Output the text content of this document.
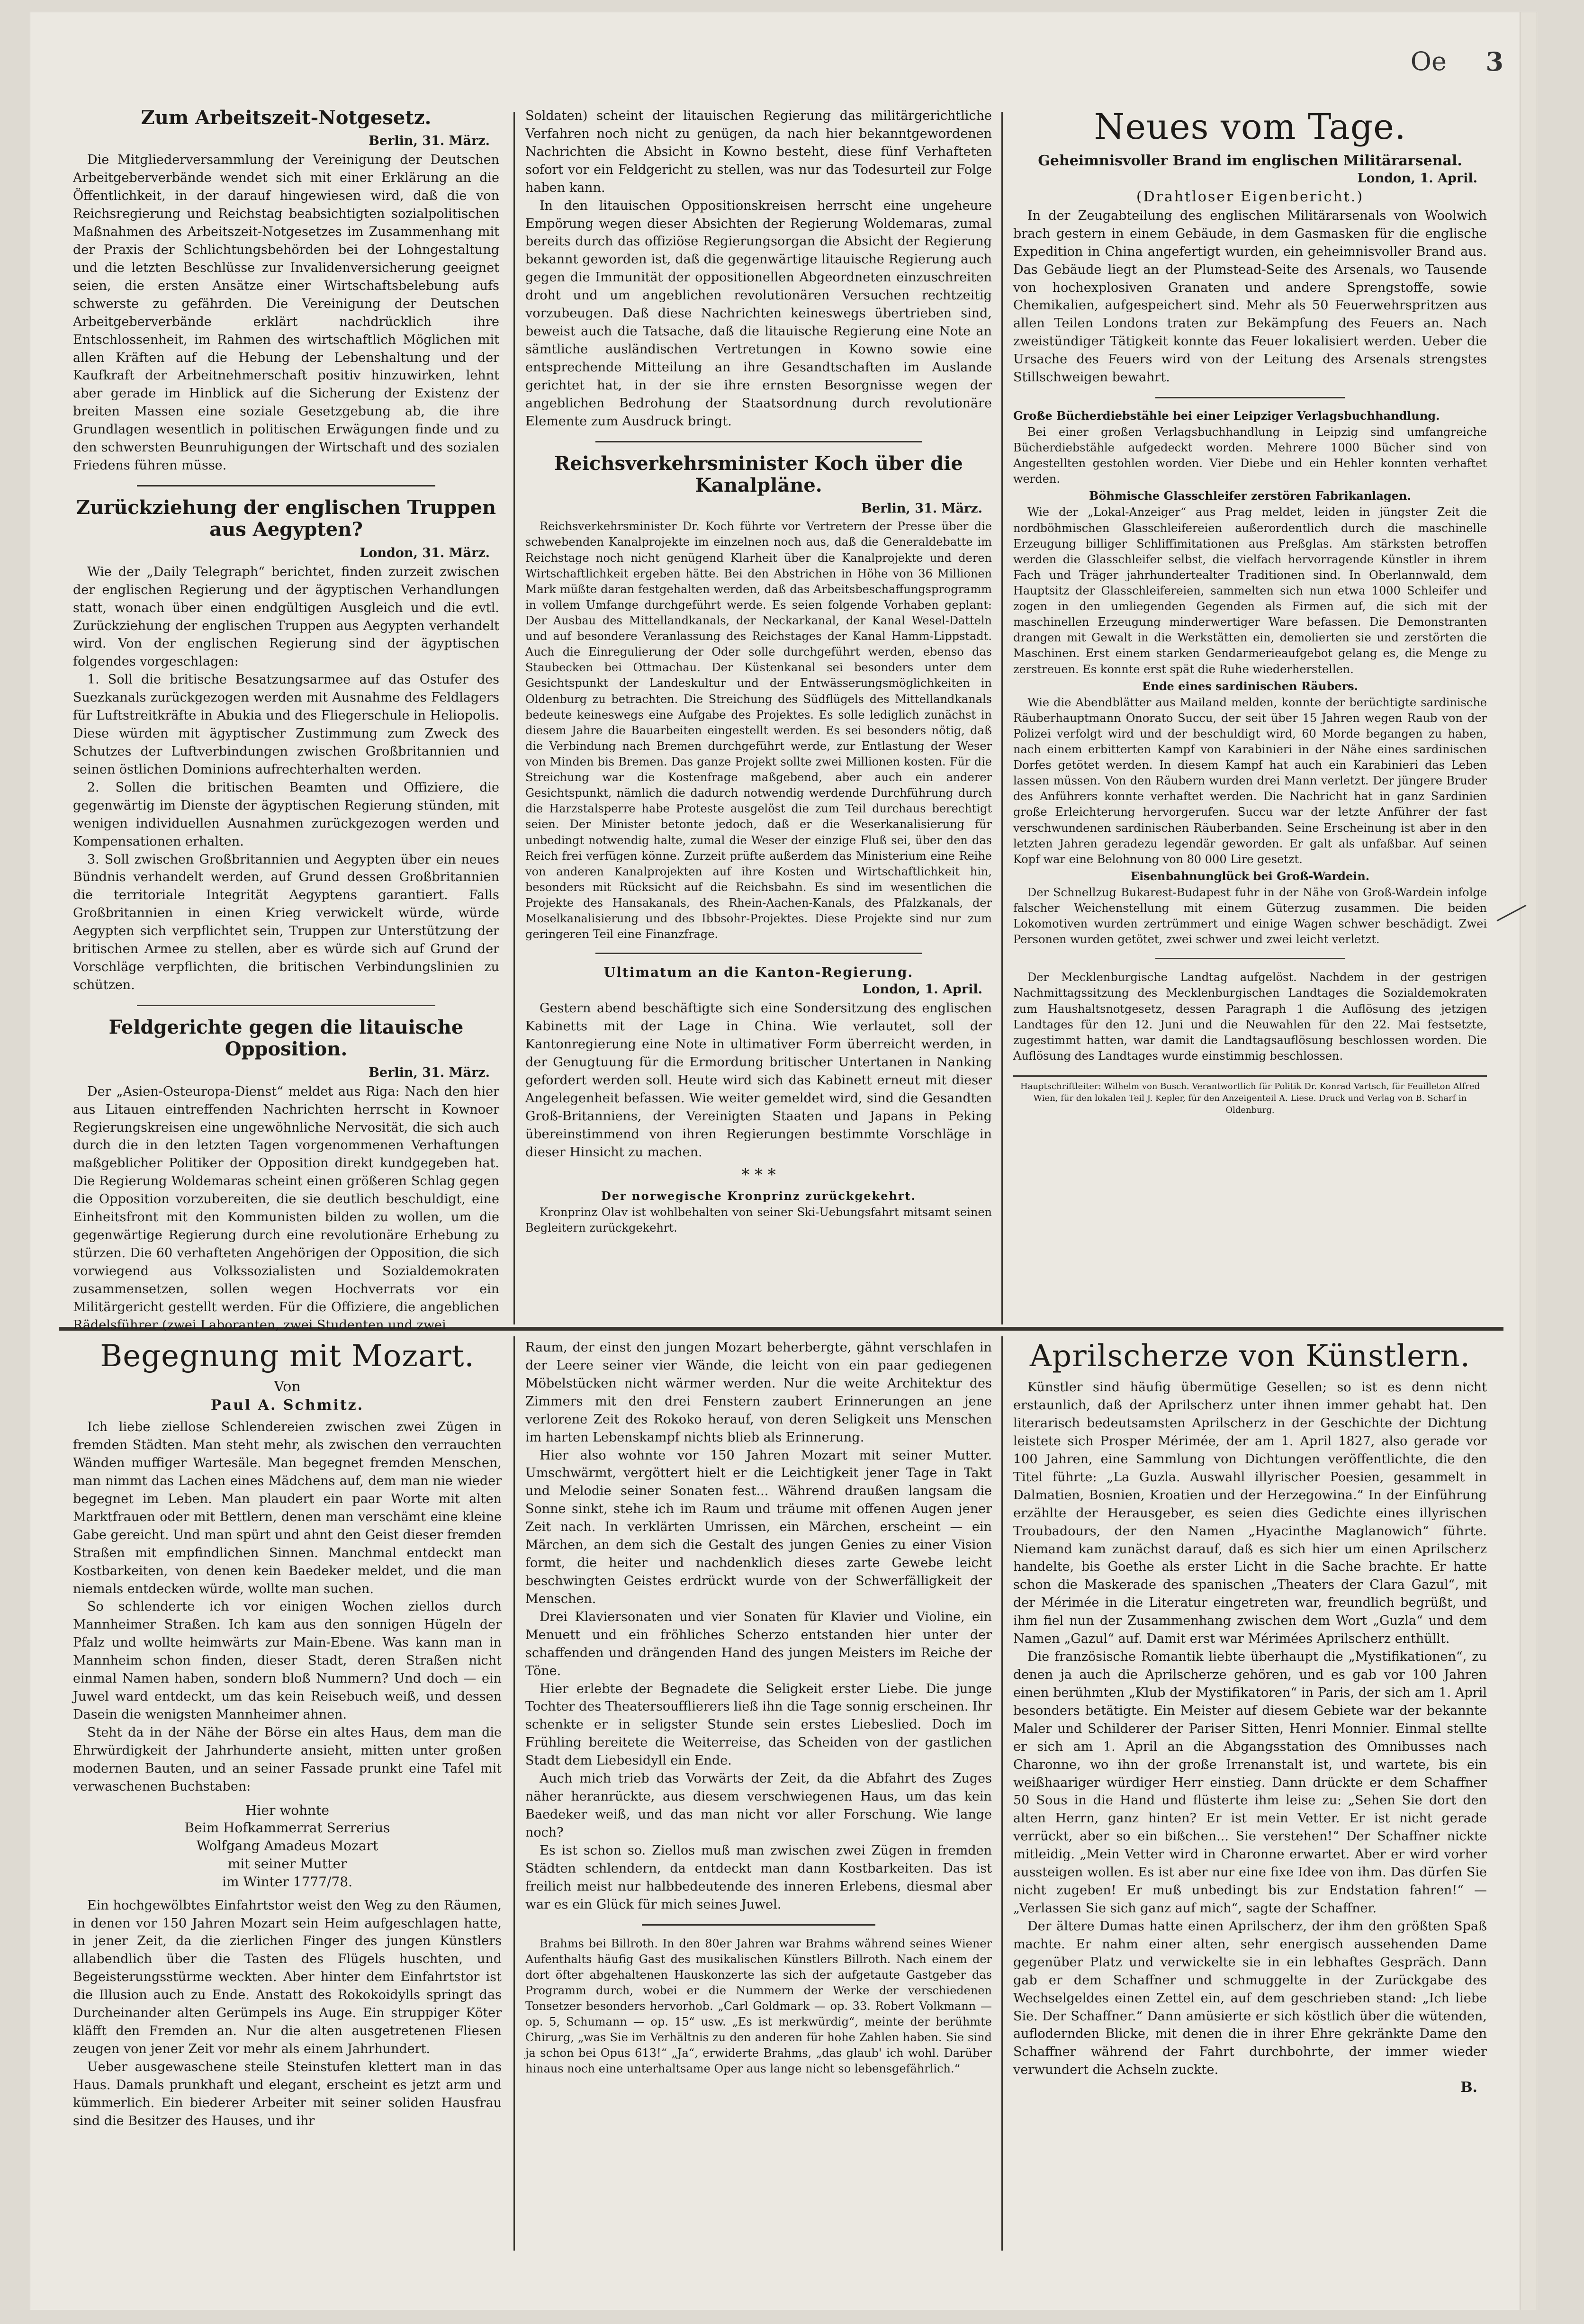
Oe 3
Zum Arbeitszeit-Notgesetz.
Berlin, 31. März.

Die Mitgliederversammlung der Vereinigung der Deutschen Arbeitgeberverbände wendet sich mit einer Erklärung an die Öffentlichkeit, in der darauf hingewiesen wird, daß die von Reichsregierung und Reichstag beabsichtigten sozialpolitischen Maßnahmen des Arbeitszeit-Notgesetzes im Zusammenhang mit der Praxis der Schlichtungsbehörden bei der Lohngestaltung und die letzten Beschlüsse zur Invalidenversicherung geeignet seien, die ersten Ansätze einer Wirtschaftsbelebung aufs schwerste zu gefährden. Die Vereinigung der Deutschen Arbeitgeberverbände erklärt nachdrücklich ihre Entschlossenheit, im Rahmen des wirtschaftlich Möglichen mit allen Kräften auf die Hebung der Lebenshaltung und der Kaufkraft der Arbeitnehmerschaft positiv hinzuwirken, lehnt aber gerade im Hinblick auf die Sicherung der Existenz der breiten Massen eine soziale Gesetzgebung ab, die ihre Grundlagen wesentlich in politischen Erwägungen finde und zu den schwersten Beunruhigungen der Wirtschaft und des sozialen Friedens führen müsse.

Zurückziehung der englischen Truppen aus Aegypten?
London, 31. März.

Wie der „Daily Telegraph“ berichtet, finden zurzeit zwischen der englischen Regierung und der ägyptischen Verhandlungen statt, wonach über einen endgültigen Ausgleich und die evtl. Zurückziehung der englischen Truppen aus Aegypten verhandelt wird. Von der englischen Regierung sind der ägyptischen folgendes vorgeschlagen:

1. Soll die britische Besatzungsarmee auf das Ostufer des Suezkanals zurückgezogen werden mit Ausnahme des Feldlagers für Luftstreitkräfte in Abukia und des Fliegerschule in Heliopolis. Diese würden mit ägyptischer Zustimmung zum Zweck des Schutzes der Luftverbindungen zwischen Großbritannien und seinen östlichen Dominions aufrechterhalten werden.

2. Sollen die britischen Beamten und Offiziere, die gegenwärtig im Dienste der ägyptischen Regierung stünden, mit wenigen individuellen Ausnahmen zurückgezogen werden und Kompensationen erhalten.

3. Soll zwischen Großbritannien und Aegypten über ein neues Bündnis verhandelt werden, auf Grund dessen Großbritannien die territoriale Integrität Aegyptens garantiert. Falls Großbritannien in einen Krieg verwickelt würde, würde Aegypten sich verpflichtet sein, Truppen zur Unterstützung der britischen Armee zu stellen, aber es würde sich auf Grund der Vorschläge verpflichten, die britischen Verbindungslinien zu schützen.

Feldgerichte gegen die litauische Opposition.
Berlin, 31. März.

Der „Asien-Osteuropa-Dienst“ meldet aus Riga: Nach den hier aus Litauen eintreffenden Nachrichten herrscht in Kownoer Regierungskreisen eine ungewöhnliche Nervosität, die sich auch durch die in den letzten Tagen vorgenommenen Verhaftungen maßgeblicher Politiker der Opposition direkt kundgegeben hat. Die Regierung Woldemaras scheint einen größeren Schlag gegen die Opposition vorzubereiten, die sie deutlich beschuldigt, eine Einheitsfront mit den Kommunisten bilden zu wollen, um die gegenwärtige Regierung durch eine revolutionäre Erhebung zu stürzen. Die 60 verhafteten Angehörigen der Opposition, die sich vorwiegend aus Volkssozialisten und Sozialdemokraten zusammensetzen, sollen wegen Hochverrats vor ein Militärgericht gestellt werden. Für die Offiziere, die angeblichen Rädelsführer (zwei Laboranten, zwei Studenten und zwei

Soldaten) scheint der litauischen Regierung das militärgerichtliche Verfahren noch nicht zu genügen, da nach hier bekanntgewordenen Nachrichten die Absicht in Kowno besteht, diese fünf Verhafteten sofort vor ein Feldgericht zu stellen, was nur das Todesurteil zur Folge haben kann.

In den litauischen Oppositionskreisen herrscht eine ungeheure Empörung wegen dieser Absichten der Regierung Woldemaras, zumal bereits durch das offiziöse Regierungsorgan die Absicht der Regierung bekannt geworden ist, daß die gegenwärtige litauische Regierung auch gegen die Immunität der oppositionellen Abgeordneten einzuschreiten droht und um angeblichen revolutionären Versuchen rechtzeitig vorzubeugen. Daß diese Nachrichten keineswegs übertrieben sind, beweist auch die Tatsache, daß die litauische Regierung eine Note an sämtliche ausländischen Vertretungen in Kowno sowie eine entsprechende Mitteilung an ihre Gesandtschaften im Auslande gerichtet hat, in der sie ihre ernsten Besorgnisse wegen der angeblichen Bedrohung der Staatsordnung durch revolutionäre Elemente zum Ausdruck bringt.

Reichsverkehrsminister Koch über die Kanalpläne.
Berlin, 31. März.

Reichsverkehrsminister Dr. Koch führte vor Vertretern der Presse über die schwebenden Kanalprojekte im einzelnen noch aus, daß die Generaldebatte im Reichstage noch nicht genügend Klarheit über die Kanalprojekte und deren Wirtschaftlichkeit ergeben hätte. Bei den Abstrichen in Höhe von 36 Millionen Mark müßte daran festgehalten werden, daß das Arbeitsbeschaffungsprogramm in vollem Umfange durchgeführt werde. Es seien folgende Vorhaben geplant: Der Ausbau des Mittellandkanals, der Neckarkanal, der Kanal Wesel-Datteln und auf besondere Veranlassung des Reichstages der Kanal Hamm-Lippstadt. Auch die Einregulierung der Oder solle durchgeführt werden, ebenso das Staubecken bei Ottmachau. Der Küstenkanal sei besonders unter dem Gesichtspunkt der Landeskultur und der Entwässerungsmöglichkeiten in Oldenburg zu betrachten. Die Streichung des Südflügels des Mittellandkanals bedeute keineswegs eine Aufgabe des Projektes. Es solle lediglich zunächst in diesem Jahre die Bauarbeiten eingestellt werden. Es sei besonders nötig, daß die Verbindung nach Bremen durchgeführt werde, zur Entlastung der Weser von Minden bis Bremen. Das ganze Projekt sollte zwei Millionen kosten. Für die Streichung war die Kostenfrage maßgebend, aber auch ein anderer Gesichtspunkt, nämlich die dadurch notwendig werdende Durchführung durch die Harzstalsperre habe Proteste ausgelöst die zum Teil durchaus berechtigt seien. Der Minister betonte jedoch, daß er die Weserkanalisierung für unbedingt notwendig halte, zumal die Weser der einzige Fluß sei, über den das Reich frei verfügen könne. Zurzeit prüfte außerdem das Ministerium eine Reihe von anderen Kanalprojekten auf ihre Kosten und Wirtschaftlichkeit hin, besonders mit Rücksicht auf die Reichsbahn. Es sind im wesentlichen die Projekte des Hansakanals, des Rhein-Aachen-Kanals, des Pfalzkanals, der Moselkanalisierung und des Ibbsohr-Projektes. Diese Projekte sind nur zum geringeren Teil eine Finanzfrage.

Ultimatum an die Kanton-Regierung.
London, 1. April.

Gestern abend beschäftigte sich eine Sondersitzung des englischen Kabinetts mit der Lage in China. Wie verlautet, soll der Kantonregierung eine Note in ultimativer Form überreicht werden, in der Genugtuung für die Ermordung britischer Untertanen in Nanking gefordert werden soll. Heute wird sich das Kabinett erneut mit dieser Angelegenheit befassen. Wie weiter gemeldet wird, sind die Gesandten Groß-Britanniens, der Vereinigten Staaten und Japans in Peking übereinstimmend von ihren Regierungen bestimmte Vorschläge in dieser Hinsicht zu machen.

* * *
Der norwegische Kronprinz zurückgekehrt.

Kronprinz Olav ist wohlbehalten von seiner Ski-Uebungsfahrt mitsamt seinen Begleitern zurückgekehrt.

Neues vom Tage.
Geheimnisvoller Brand im englischen Militärarsenal.
London, 1. April.
(Drahtloser Eigenbericht.)

In der Zeugabteilung des englischen Militärarsenals von Woolwich brach gestern in einem Gebäude, in dem Gasmasken für die englische Expedition in China angefertigt wurden, ein geheimnisvoller Brand aus. Das Gebäude liegt an der Plumstead-Seite des Arsenals, wo Tausende von hochexplosiven Granaten und andere Sprengstoffe, sowie Chemikalien, aufgespeichert sind. Mehr als 50 Feuerwehrspritzen aus allen Teilen Londons traten zur Bekämpfung des Feuers an. Nach zweistündiger Tätigkeit konnte das Feuer lokalisiert werden. Ueber die Ursache des Feuers wird von der Leitung des Arsenals strengstes Stillschweigen bewahrt.

Große Bücherdiebstähle bei einer Leipziger Verlagsbuchhandlung.

Bei einer großen Verlagsbuchhandlung in Leipzig sind umfangreiche Bücherdiebstähle aufgedeckt worden. Mehrere 1000 Bücher sind von Angestellten gestohlen worden. Vier Diebe und ein Hehler konnten verhaftet werden.

Böhmische Glasschleifer zerstören Fabrikanlagen.

Wie der „Lokal-Anzeiger“ aus Prag meldet, leiden in jüngster Zeit die nordböhmischen Glasschleifereien außerordentlich durch die maschinelle Erzeugung billiger Schliffimitationen aus Preßglas. Am stärksten betroffen werden die Glasschleifer selbst, die vielfach hervorragende Künstler in ihrem Fach und Träger jahrhundertealter Traditionen sind. In Oberlannwald, dem Hauptsitz der Glasschleifereien, sammelten sich nun etwa 1000 Schleifer und zogen in den umliegenden Gegenden als Firmen auf, die sich mit der maschinellen Erzeugung minderwertiger Ware befassen. Die Demonstranten drangen mit Gewalt in die Werkstätten ein, demolierten sie und zerstörten die Maschinen. Erst einem starken Gendarmerieaufgebot gelang es, die Menge zu zerstreuen. Es konnte erst spät die Ruhe wiederherstellen.

Ende eines sardinischen Räubers.

Wie die Abendblätter aus Mailand melden, konnte der berüchtigte sardinische Räuberhauptmann Onorato Succu, der seit über 15 Jahren wegen Raub von der Polizei verfolgt wird und der beschuldigt wird, 60 Morde begangen zu haben, nach einem erbitterten Kampf von Karabinieri in der Nähe eines sardinischen Dorfes getötet werden. In diesem Kampf hat auch ein Karabinieri das Leben lassen müssen. Von den Räubern wurden drei Mann verletzt. Der jüngere Bruder des Anführers konnte verhaftet werden. Die Nachricht hat in ganz Sardinien große Erleichterung hervorgerufen. Succu war der letzte Anführer der fast verschwundenen sardinischen Räuberbanden. Seine Erscheinung ist aber in den letzten Jahren geradezu legendär geworden. Er galt als unfaßbar. Auf seinen Kopf war eine Belohnung von 80 000 Lire gesetzt.

Eisenbahnunglück bei Groß-Wardein.

Der Schnellzug Bukarest-Budapest fuhr in der Nähe von Groß-Wardein infolge falscher Weichenstellung mit einem Güterzug zusammen. Die beiden Lokomotiven wurden zertrümmert und einige Wagen schwer beschädigt. Zwei Personen wurden getötet, zwei schwer und zwei leicht verletzt.

Der Mecklenburgische Landtag aufgelöst. Nachdem in der gestrigen Nachmittagssitzung des Mecklenburgischen Landtages die Sozialdemokraten zum Haushaltsnotgesetz, dessen Paragraph 1 die Auflösung des jetzigen Landtages für den 12. Juni und die Neuwahlen für den 22. Mai festsetzte, zugestimmt hatten, war damit die Landtagsauflösung beschlossen worden. Die Auflösung des Landtages wurde einstimmig beschlossen.

Hauptschriftleiter: Wilhelm von Busch. Verantwortlich für Politik Dr. Konrad Vartsch, für Feuilleton Alfred Wien, für den lokalen Teil J. Kepler, für den Anzeigenteil A. Liese. Druck und Verlag von B. Scharf in Oldenburg.
Begegnung mit Mozart.
Von
Paul A. Schmitz.

Ich liebe ziellose Schlendereien zwischen zwei Zügen in fremden Städten. Man steht mehr, als zwischen den verrauchten Wänden muffiger Wartesäle. Man begegnet fremden Menschen, man nimmt das Lachen eines Mädchens auf, dem man nie wieder begegnet im Leben. Man plaudert ein paar Worte mit alten Marktfrauen oder mit Bettlern, denen man verschämt eine kleine Gabe gereicht. Und man spürt und ahnt den Geist dieser fremden Straßen mit empfindlichen Sinnen. Manchmal entdeckt man Kostbarkeiten, von denen kein Baedeker meldet, und die man niemals entdecken würde, wollte man suchen.

So schlenderte ich vor einigen Wochen ziellos durch Mannheimer Straßen. Ich kam aus den sonnigen Hügeln der Pfalz und wollte heimwärts zur Main-Ebene. Was kann man in Mannheim schon finden, dieser Stadt, deren Straßen nicht einmal Namen haben, sondern bloß Nummern? Und doch — ein Juwel ward entdeckt, um das kein Reisebuch weiß, und dessen Dasein die wenigsten Mannheimer ahnen.

Steht da in der Nähe der Börse ein altes Haus, dem man die Ehrwürdigkeit der Jahrhunderte ansieht, mitten unter großen modernen Bauten, und an seiner Fassade prunkt eine Tafel mit verwaschenen Buchstaben:

Hier wohnte
Beim Hofkammerrat Serrerius
Wolfgang Amadeus Mozart
mit seiner Mutter
im Winter 1777/78.

Ein hochgewölbtes Einfahrtstor weist den Weg zu den Räumen, in denen vor 150 Jahren Mozart sein Heim aufgeschlagen hatte, in jener Zeit, da die zierlichen Finger des jungen Künstlers allabendlich über die Tasten des Flügels huschten, und Begeisterungsstürme weckten. Aber hinter dem Einfahrtstor ist die Illusion auch zu Ende. Anstatt des Rokokoidylls springt das Durcheinander alten Gerümpels ins Auge. Ein struppiger Köter kläfft den Fremden an. Nur die alten ausgetretenen Fliesen zeugen von jener Zeit vor mehr als einem Jahrhundert.

Ueber ausgewaschene steile Steinstufen klettert man in das Haus. Damals prunkhaft und elegant, erscheint es jetzt arm und kümmerlich. Ein biederer Arbeiter mit seiner soliden Hausfrau sind die Besitzer des Hauses, und ihr

Raum, der einst den jungen Mozart beherbergte, gähnt verschlafen in der Leere seiner vier Wände, die leicht von ein paar gediegenen Möbelstücken nicht wärmer werden. Nur die weite Architektur des Zimmers mit den drei Fenstern zaubert Erinnerungen an jene verlorene Zeit des Rokoko herauf, von deren Seligkeit uns Menschen im harten Lebenskampf nichts blieb als Erinnerung.

Hier also wohnte vor 150 Jahren Mozart mit seiner Mutter. Umschwärmt, vergöttert hielt er die Leichtigkeit jener Tage in Takt und Melodie seiner Sonaten fest... Während draußen langsam die Sonne sinkt, stehe ich im Raum und träume mit offenen Augen jener Zeit nach. In verklärten Umrissen, ein Märchen, erscheint — ein Märchen, an dem sich die Gestalt des jungen Genies zu einer Vision formt, die heiter und nachdenklich dieses zarte Gewebe leicht beschwingten Geistes erdrückt wurde von der Schwerfälligkeit der Menschen.

Drei Klaviersonaten und vier Sonaten für Klavier und Violine, ein Menuett und ein fröhliches Scherzo entstanden hier unter der schaffenden und drängenden Hand des jungen Meisters im Reiche der Töne.

Hier erlebte der Begnadete die Seligkeit erster Liebe. Die junge Tochter des Theatersoufflierers ließ ihn die Tage sonnig erscheinen. Ihr schenkte er in seligster Stunde sein erstes Liebeslied. Doch im Frühling bereitete die Weiterreise, das Scheiden von der gastlichen Stadt dem Liebesidyll ein Ende.

Auch mich trieb das Vorwärts der Zeit, da die Abfahrt des Zuges näher heranrückte, aus diesem verschwiegenen Haus, um das kein Baedeker weiß, und das man nicht vor aller Forschung. Wie lange noch?

Es ist schon so. Ziellos muß man zwischen zwei Zügen in fremden Städten schlendern, da entdeckt man dann Kostbarkeiten. Das ist freilich meist nur halbbedeutende des inneren Erlebens, diesmal aber war es ein Glück für mich seines Juwel.

Brahms bei Billroth. In den 80er Jahren war Brahms während seines Wiener Aufenthalts häufig Gast des musikalischen Künstlers Billroth. Nach einem der dort öfter abgehaltenen Hauskonzerte las sich der aufgetaute Gastgeber das Programm durch, wobei er die Nummern der Werke der verschiedenen Tonsetzer besonders hervorhob. „Carl Goldmark — op. 33. Robert Volkmann — op. 5, Schumann — op. 15“ usw. „Es ist merkwürdig“, meinte der berühmte Chirurg, „was Sie im Verhältnis zu den anderen für hohe Zahlen haben. Sie sind ja schon bei Opus 613!“ „Ja“, erwiderte Brahms, „das glaub' ich wohl. Darüber hinaus noch eine unterhaltsame Oper aus lange nicht so lebensgefährlich.“

Aprilscherze von Künstlern.

Künstler sind häufig übermütige Gesellen; so ist es denn nicht erstaunlich, daß der Aprilscherz unter ihnen immer gehabt hat. Den literarisch bedeutsamsten Aprilscherz in der Geschichte der Dichtung leistete sich Prosper Mérimée, der am 1. April 1827, also gerade vor 100 Jahren, eine Sammlung von Dichtungen veröffentlichte, die den Titel führte: „La Guzla. Auswahl illyrischer Poesien, gesammelt in Dalmatien, Bosnien, Kroatien und der Herzegowina.“ In der Einführung erzählte der Herausgeber, es seien dies Gedichte eines illyrischen Troubadours, der den Namen „Hyacinthe Maglanowich“ führte. Niemand kam zunächst darauf, daß es sich hier um einen Aprilscherz handelte, bis Goethe als erster Licht in die Sache brachte. Er hatte schon die Maskerade des spanischen „Theaters der Clara Gazul“, mit der Mérimée in die Literatur eingetreten war, freundlich begrüßt, und ihm fiel nun der Zusammenhang zwischen dem Wort „Guzla“ und dem Namen „Gazul“ auf. Damit erst war Mérimées Aprilscherz enthüllt.

Die französische Romantik liebte überhaupt die „Mystifikationen“, zu denen ja auch die Aprilscherze gehören, und es gab vor 100 Jahren einen berühmten „Klub der Mystifikatoren“ in Paris, der sich am 1. April besonders betätigte. Ein Meister auf diesem Gebiete war der bekannte Maler und Schilderer der Pariser Sitten, Henri Monnier. Einmal stellte er sich am 1. April an die Abgangsstation des Omnibusses nach Charonne, wo ihn der große Irrenanstalt ist, und wartete, bis ein weißhaariger würdiger Herr einstieg. Dann drückte er dem Schaffner 50 Sous in die Hand und flüsterte ihm leise zu: „Sehen Sie dort den alten Herrn, ganz hinten? Er ist mein Vetter. Er ist nicht gerade verrückt, aber so ein bißchen... Sie verstehen!“ Der Schaffner nickte mitleidig. „Mein Vetter wird in Charonne erwartet. Aber er wird vorher aussteigen wollen. Es ist aber nur eine fixe Idee von ihm. Das dürfen Sie nicht zugeben! Er muß unbedingt bis zur Endstation fahren!“ — „Verlassen Sie sich ganz auf mich“, sagte der Schaffner.

Der ältere Dumas hatte einen Aprilscherz, der ihm den größten Spaß machte. Er nahm einer alten, sehr energisch aussehenden Dame gegenüber Platz und verwickelte sie in ein lebhaftes Gespräch. Dann gab er dem Schaffner und schmuggelte in der Zurückgabe des Wechselgeldes einen Zettel ein, auf dem geschrieben stand: „Ich liebe Sie. Der Schaffner.“ Dann amüsierte er sich köstlich über die wütenden, auflodernden Blicke, mit denen die in ihrer Ehre gekränkte Dame den Schaffner während der Fahrt durchbohrte, der immer wieder verwundert die Achseln zuckte.

B.
